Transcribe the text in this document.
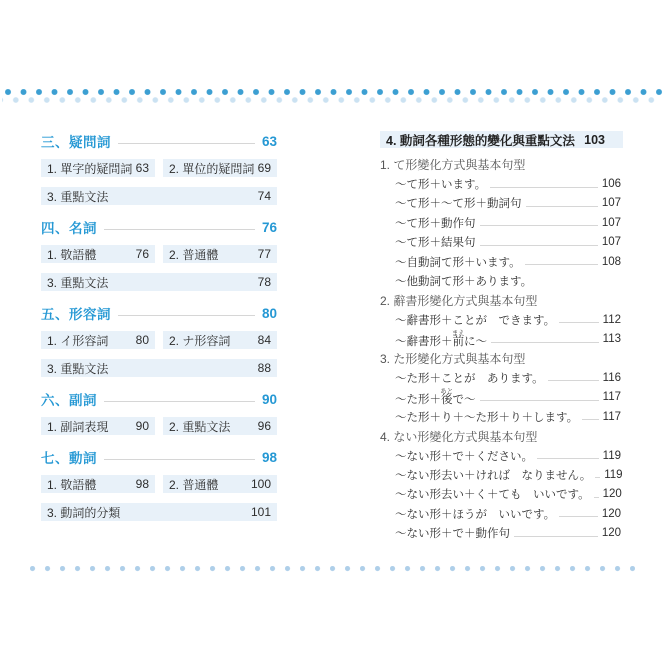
三、疑問詞	63
1. 單字的疑問詞 63 2. 單位的疑問詞 69
3. 重點文法	74
四、名詞	76
1. 敬語體	76 2. 普通體	77
3. 重點文法	78
五、形容詞	80
1. イ形容詞 80 2. ナ形容詞 84
3. 重點文法	88
六、副詞	90
1. 副詞表現 90 2. 重點文法 96
七、動詞	98
1. 敬語體	98 2. 普通體	100
3. 動詞的分類	101
4. 動詞各種形態的變化與重點文法 103
1. て形變化方式與基本句型
～て形＋います。	106
～て形＋～て形＋動詞句	107
～て形＋動作句	107
～て形＋結果句	107
～自動詞て形＋います。	108
～他動詞て形＋あります。
2. 辭書形變化方式與基本句型
～辭書形＋ことが　できます。	112
～辭書形＋前まえに～	113
3. た形變化方式與基本句型
～た形＋ことが　あります。	116
～た形＋後あとで～	117
～た形＋り＋～た形＋り＋します。 117
4. ない形變化方式與基本句型
～ない形＋で＋ください。	119
～ない形去い＋ければ　なりません。 119
～ない形去い＋く＋ても　いいです。 120
～ない形＋ほうが　いいです。	120
～ない形＋で＋動作句	120
